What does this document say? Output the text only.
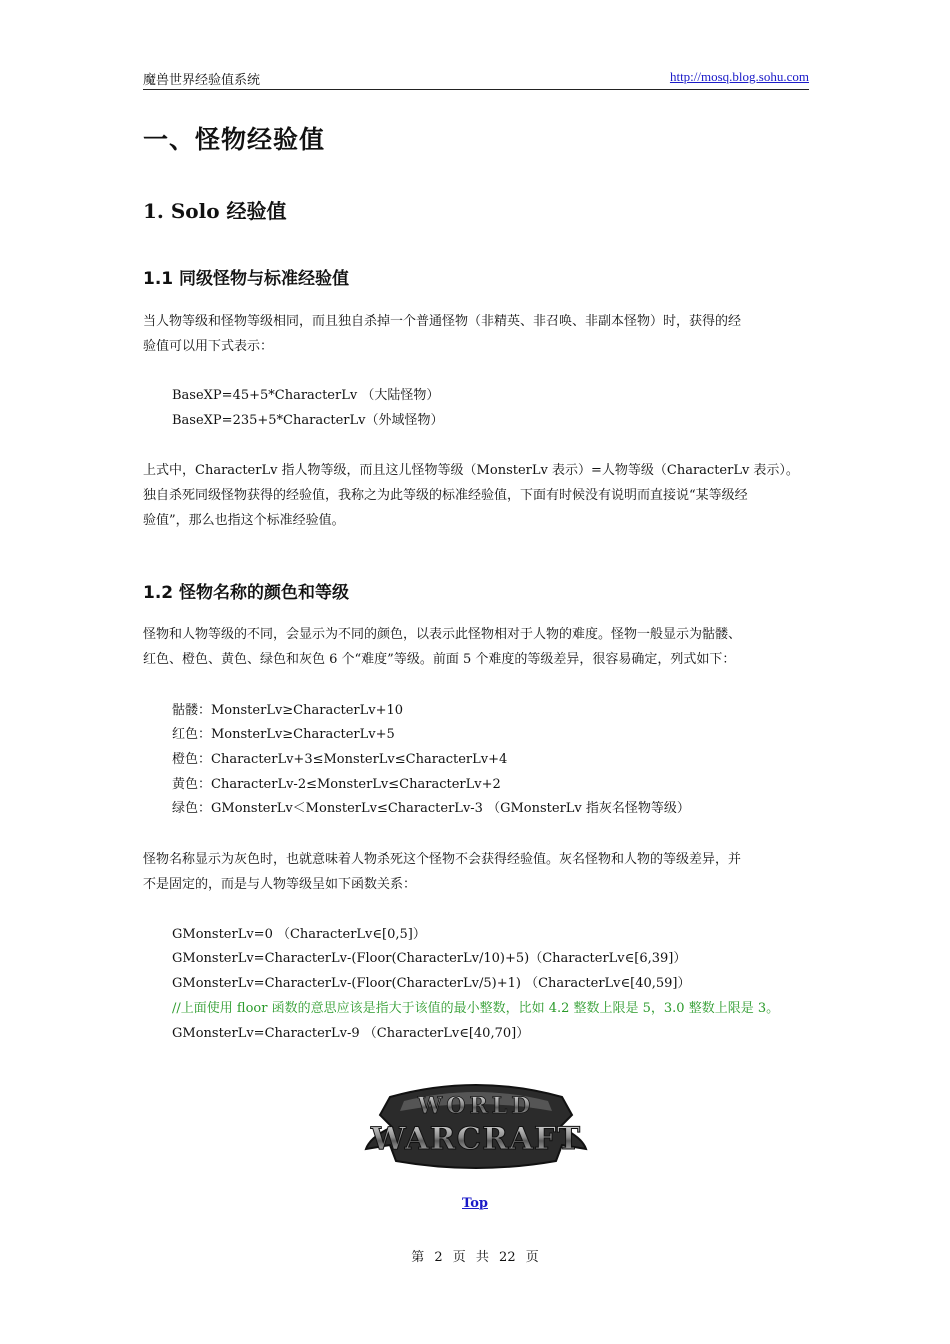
魔兽世界经验值系统	http://mosq.blog.sohu.com
一、怪物经验值
1. Solo 经验值
1.1 同级怪物与标准经验值
当人物等级和怪物等级相同，而且独自杀掉一个普通怪物（非精英、非召唤、非副本怪物）时，获得的经
验值可以用下式表示：
BaseXP=45+5*CharacterLv （大陆怪物）
BaseXP=235+5*CharacterLv（外域怪物）
上式中，CharacterLv 指人物等级，而且这儿怪物等级（MonsterLv 表示）=人物等级（CharacterLv 表示）。
独自杀死同级怪物获得的经验值，我称之为此等级的标准经验值，下面有时候没有说明而直接说“某等级经
验值”，那么也指这个标准经验值。
1.2 怪物名称的颜色和等级
怪物和人物等级的不同，会显示为不同的颜色，以表示此怪物相对于人物的难度。怪物一般显示为骷髅、
红色、橙色、黄色、绿色和灰色 6 个“难度”等级。前面 5 个难度的等级差异，很容易确定，列式如下：
骷髅：MonsterLv≥CharacterLv+10
红色：MonsterLv≥CharacterLv+5
橙色：CharacterLv+3≤MonsterLv≤CharacterLv+4
黄色：CharacterLv-2≤MonsterLv≤CharacterLv+2
绿色：GMonsterLv＜MonsterLv≤CharacterLv-3 （GMonsterLv 指灰名怪物等级）
怪物名称显示为灰色时，也就意味着人物杀死这个怪物不会获得经验值。灰名怪物和人物的等级差异，并
不是固定的，而是与人物等级呈如下函数关系：
GMonsterLv=0 （CharacterLv∈[0,5]）
GMonsterLv=CharacterLv-(Floor(CharacterLv/10)+5)（CharacterLv∈[6,39]）
GMonsterLv=CharacterLv-(Floor(CharacterLv/5)+1) （CharacterLv∈[40,59]）
//上面使用 floor 函数的意思应该是指大于该值的最小整数，比如 4.2 整数上限是 5，3.0 整数上限是 3。
GMonsterLv=CharacterLv-9 （CharacterLv∈[40,70]）
WORLD
WARCRAFT
Top
第 2 页 共 22 页
